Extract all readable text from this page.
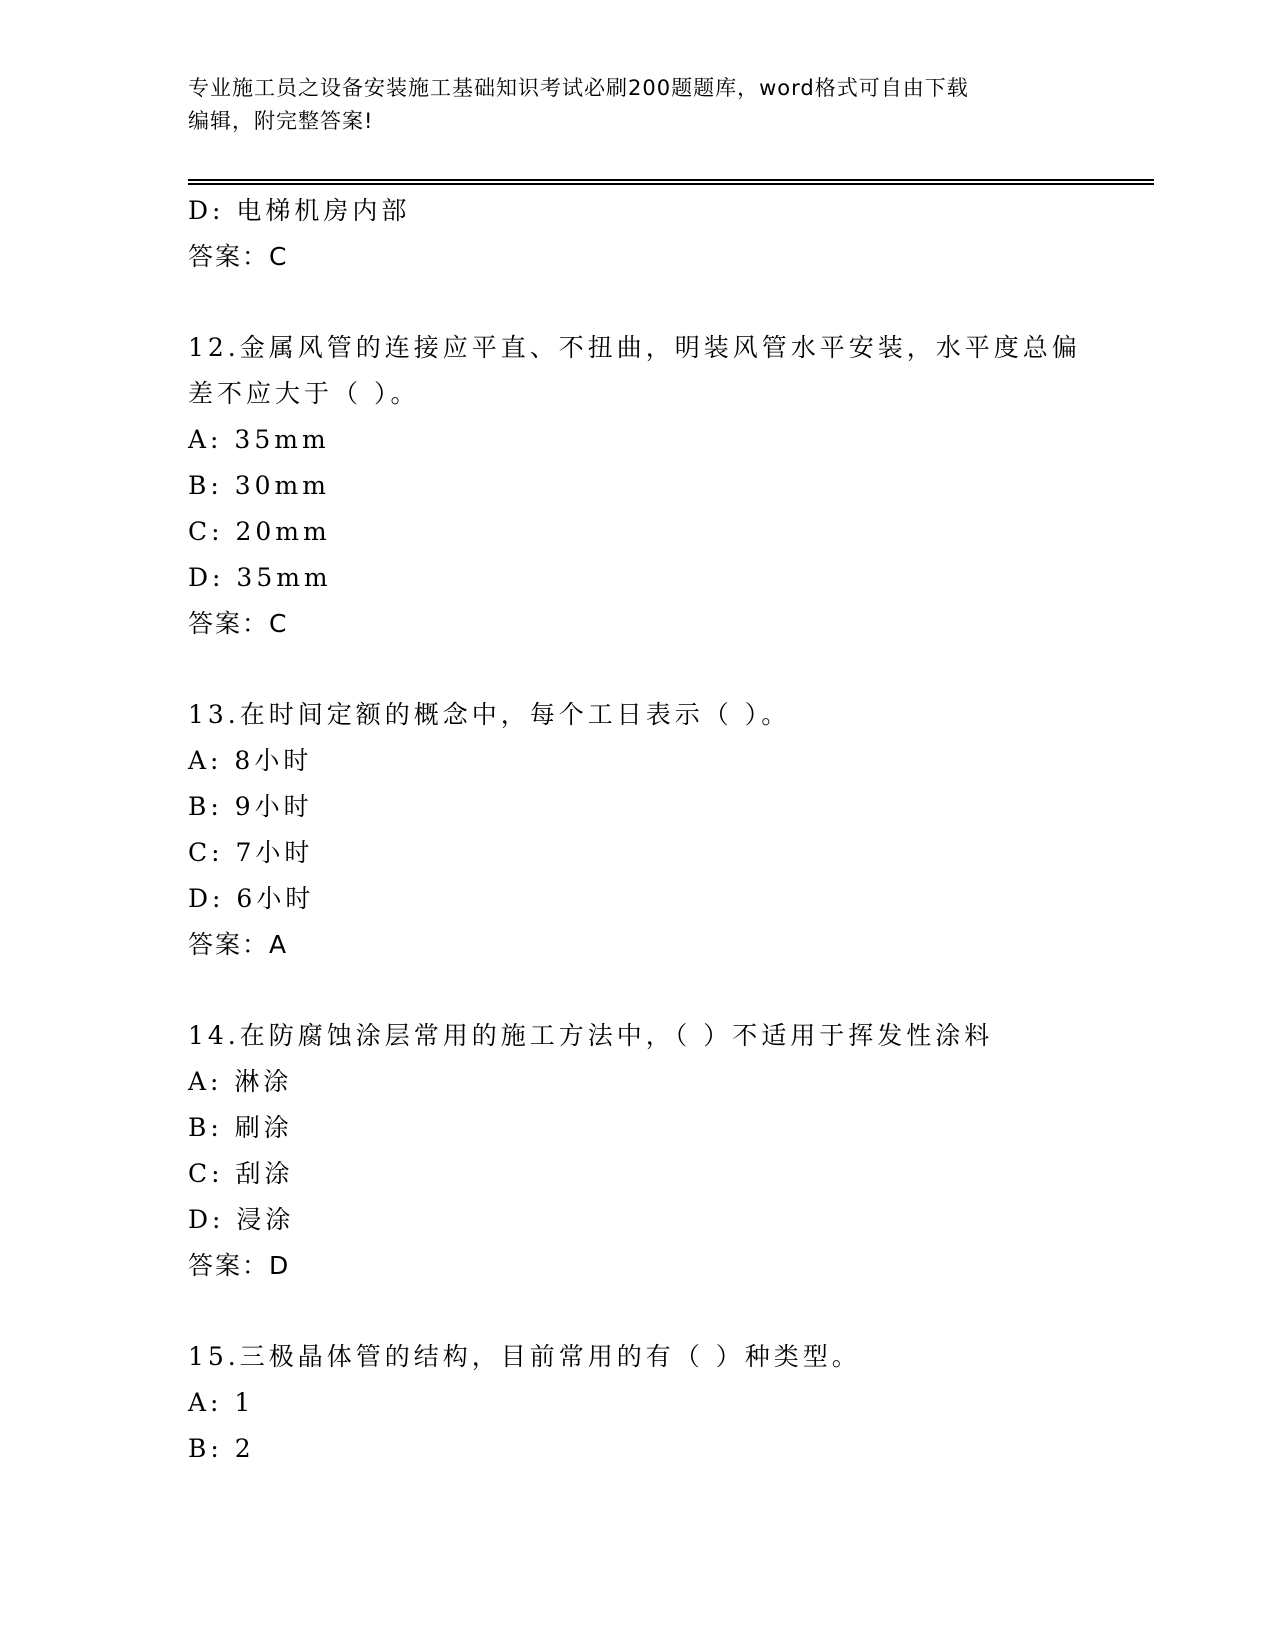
专业施工员之设备安装施工基础知识考试必刷200题题库，word格式可自由下载
编辑，附完整答案!
D: 电梯机房内部
答案：C
12.金属风管的连接应平直、不扭曲，明装风管水平安装，水平度总偏
差不应大于（ ）。
A: 35mm
B: 30mm
C: 20mm
D: 35mm
答案：C
13.在时间定额的概念中，每个工日表示（ ）。
A: 8小时
B: 9小时
C: 7小时
D: 6小时
答案：A
14.在防腐蚀涂层常用的施工方法中，（ ）不适用于挥发性涂料
A: 淋涂
B: 刷涂
C: 刮涂
D: 浸涂
答案：D
15.三极晶体管的结构，目前常用的有（ ）种类型。
A: 1
B: 2
